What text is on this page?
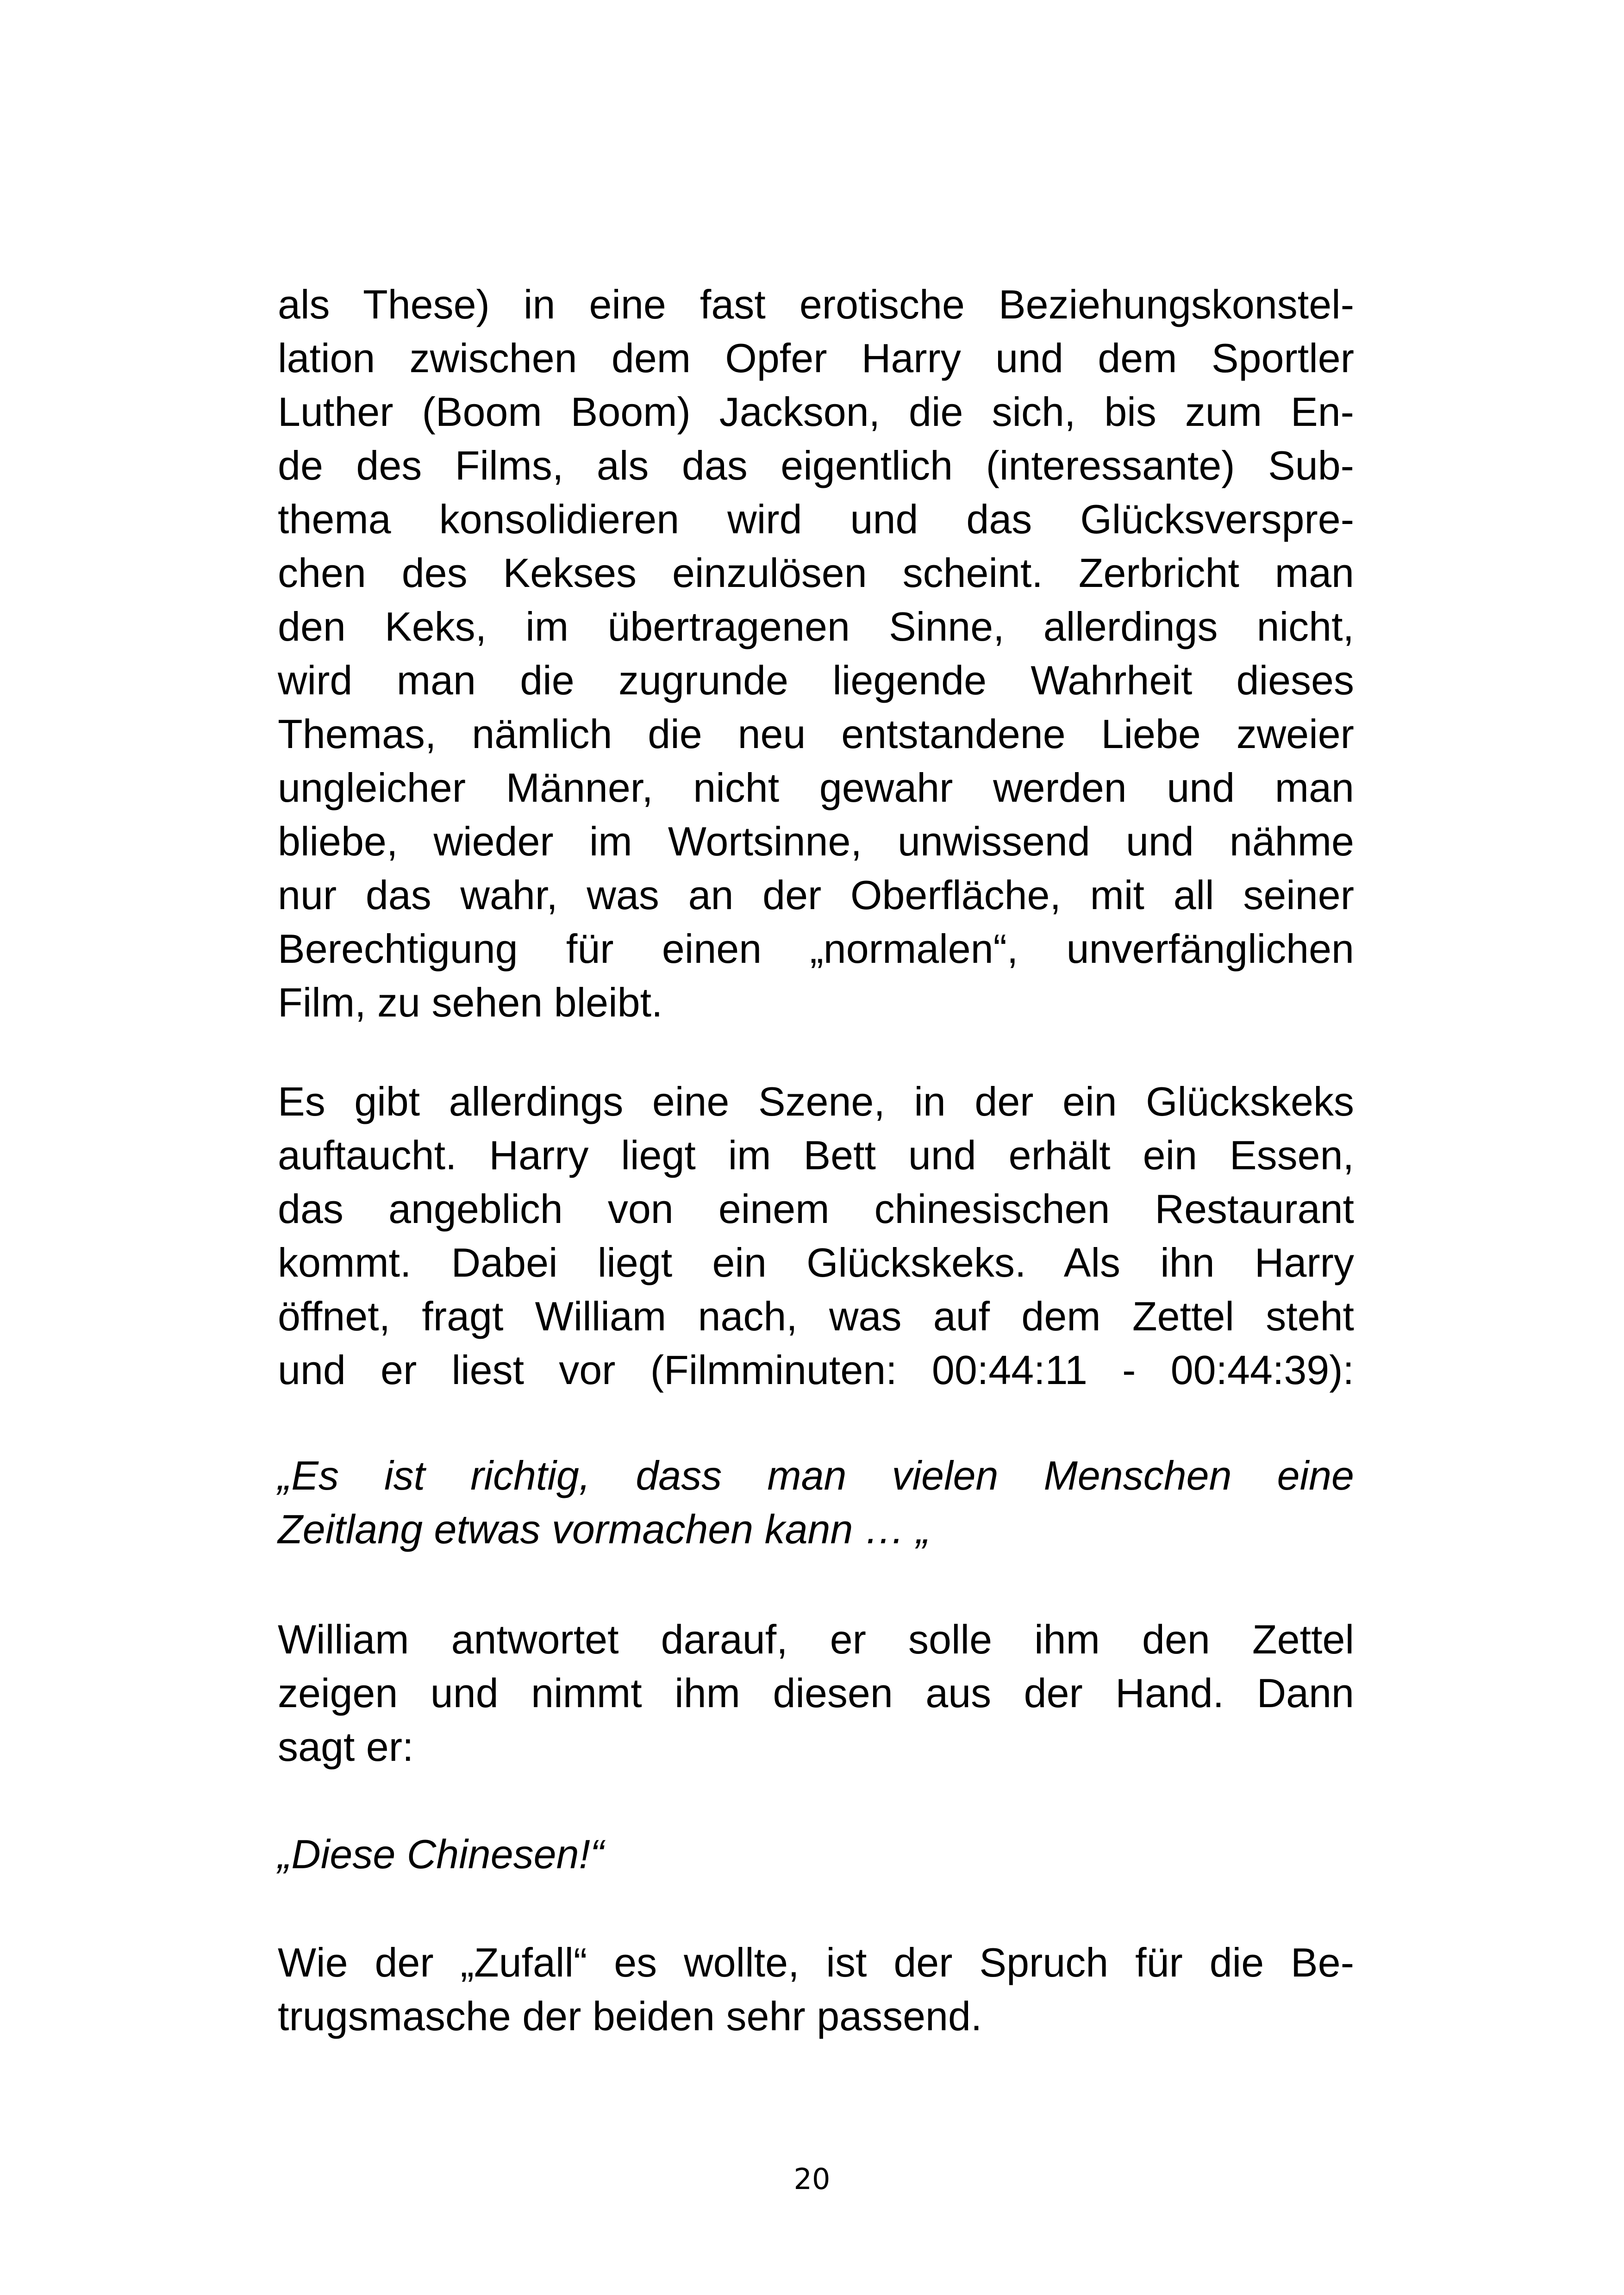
als These) in eine fast erotische Beziehungskonstel-
lation zwischen dem Opfer Harry und dem Sportler
Luther (Boom Boom) Jackson, die sich, bis zum En-
de des Films, als das eigentlich (interessante) Sub-
thema konsolidieren wird und das Glücksverspre-
chen des Kekses einzulösen scheint. Zerbricht man
den Keks, im übertragenen Sinne, allerdings nicht,
wird man die zugrunde liegende Wahrheit dieses
Themas, nämlich die neu entstandene Liebe zweier
ungleicher Männer, nicht gewahr werden und man
bliebe, wieder im Wortsinne, unwissend und nähme
nur das wahr, was an der Oberfläche, mit all seiner
Berechtigung für einen „normalen“, unverfänglichen
Film, zu sehen bleibt.
Es gibt allerdings eine Szene, in der ein Glückskeks
auftaucht. Harry liegt im Bett und erhält ein Essen,
das angeblich von einem chinesischen Restaurant
kommt. Dabei liegt ein Glückskeks. Als ihn Harry
öffnet, fragt William nach, was auf dem Zettel steht
und er liest vor (Filmminuten: 00:44:11 - 00:44:39):
„Es ist richtig, dass man vielen Menschen eine
Zeitlang etwas vormachen kann … „
William antwortet darauf, er solle ihm den Zettel
zeigen und nimmt ihm diesen aus der Hand. Dann
sagt er:
„Diese Chinesen!“
Wie der „Zufall“ es wollte, ist der Spruch für die Be-
trugsmasche der beiden sehr passend.
20
